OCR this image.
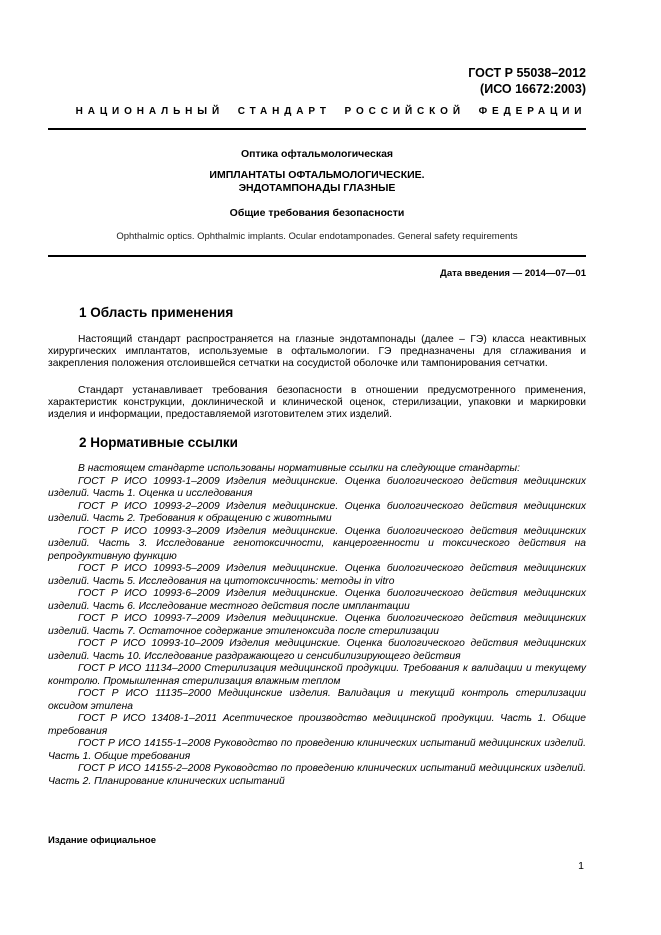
ГОСТ Р 55038–2012
(ИСО 16672:2003)
НАЦИОНАЛЬНЫЙ СТАНДАРТ РОССИЙСКОЙ ФЕДЕРАЦИИ
Оптика офтальмологическая
ИМПЛАНТАТЫ ОФТАЛЬМОЛОГИЧЕСКИЕ.
ЭНДОТАМПОНАДЫ ГЛАЗНЫЕ
Общие требования безопасности
Ophthalmic optics. Ophthalmic implants. Ocular endotamponades. General safety requirements
Дата введения — 2014—07—01
1 Область применения

Настоящий стандарт распространяется на глазные эндотампонады (далее – ГЭ) класса неактивных хирургических имплантатов, используемые в офтальмологии. ГЭ предназначены для сглаживания и закрепления положения отслоившейся сетчатки на сосудистой оболочке или тампонирования сетчатки.

Стандарт устанавливает требования безопасности в отношении предусмотренного применения, характеристик конструкции, доклинической и клинической оценок, стерилизации, упаковки и маркировки изделия и информации, предоставляемой изготовителем этих изделий.

2 Нормативные ссылки

В настоящем стандарте использованы нормативные ссылки на следующие стандарты:

ГОСТ Р ИСО 10993-1–2009 Изделия медицинские. Оценка биологического действия медицинских изделий. Часть 1. Оценка и исследования

ГОСТ Р ИСО 10993-2–2009 Изделия медицинские. Оценка биологического действия медицинских изделий. Часть 2. Требования к обращению с животными

ГОСТ Р ИСО 10993-3–2009 Изделия медицинские. Оценка биологического действия медицинских изделий. Часть 3. Исследование генотоксичности, канцерогенности и токсического действия на репродуктивную функцию

ГОСТ Р ИСО 10993-5–2009 Изделия медицинские. Оценка биологического действия медицинских изделий. Часть 5. Исследования на цитотоксичность: методы in vitro

ГОСТ Р ИСО 10993-6–2009 Изделия медицинские. Оценка биологического действия медицинских изделий. Часть 6. Исследование местного действия после имплантации

ГОСТ Р ИСО 10993-7–2009 Изделия медицинские. Оценка биологического действия медицинских изделий. Часть 7. Остаточное содержание этиленоксида после стерилизации

ГОСТ Р ИСО 10993-10–2009 Изделия медицинские. Оценка биологического действия медицинских изделий. Часть 10. Исследование раздражающего и сенсибилизирующего действия

ГОСТ Р ИСО 11134–2000 Стерилизация медицинской продукции. Требования к валидации и текущему контролю. Промышленная стерилизация влажным теплом

ГОСТ Р ИСО 11135–2000 Медицинские изделия. Валидация и текущий контроль стерилизации оксидом этилена

ГОСТ Р ИСО 13408-1–2011 Асептическое производство медицинской продукции. Часть 1. Общие требования

ГОСТ Р ИСО 14155-1–2008 Руководство по проведению клинических испытаний медицинских изделий. Часть 1. Общие требования

ГОСТ Р ИСО 14155-2–2008 Руководство по проведению клинических испытаний медицинских изделий. Часть 2. Планирование клинических испытаний

Издание официальное
1
